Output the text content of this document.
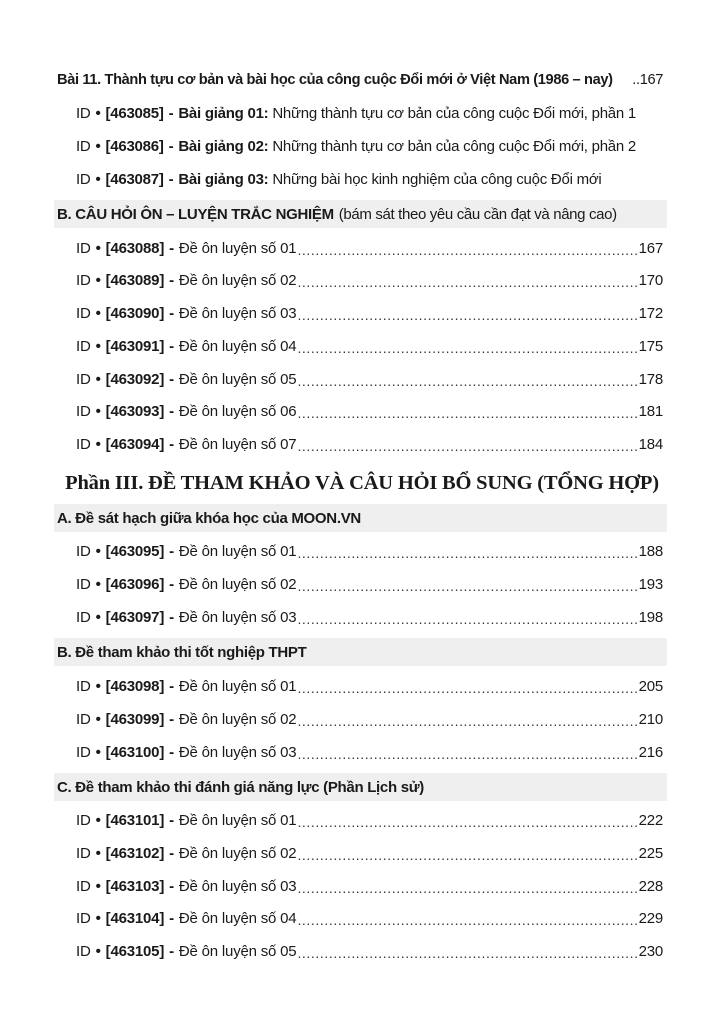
Bài 11. Thành tựu cơ bản và bài học của công cuộc Đổi mới ở Việt Nam (1986 – nay) ..167
ID • [463085] - Bài giảng 01:
Những thành tựu cơ bản của công cuộc Đổi mới, phần 1
ID • [463086] - Bài giảng 02:
Những thành tựu cơ bản của công cuộc Đổi mới, phần 2
ID • [463087] - Bài giảng 03:
Những bài học kinh nghiệm của công cuộc Đổi mới
B. CÂU HỎI ÔN – LUYỆN TRẮC NGHIỆM (bám sát theo yêu cầu cần đạt và nâng cao)
ID • [463088] - Đề ôn luyện số 01 .....	167
ID • [463089] - Đề ôn luyện số 02 .....	170
ID • [463090] - Đề ôn luyện số 03 .....	172
ID • [463091] - Đề ôn luyện số 04 .....	175
ID • [463092] - Đề ôn luyện số 05 .....	178
ID • [463093] - Đề ôn luyện số 06 .....	181
ID • [463094] - Đề ôn luyện số 07 .....	184
Phần III. ĐỀ THAM KHẢO VÀ CÂU HỎI BỔ SUNG (TỔNG HỢP)
A. Đề sát hạch giữa khóa học của MOON.VN
ID • [463095] - Đề ôn luyện số 01 .....	188
ID • [463096] - Đề ôn luyện số 02 .....	193
ID • [463097] - Đề ôn luyện số 03 .....	198
B. Đề tham khảo thi tốt nghiệp THPT
ID • [463098] - Đề ôn luyện số 01 .....	205
ID • [463099] - Đề ôn luyện số 02 .....	210
ID • [463100] - Đề ôn luyện số 03 .....	216
C. Đề tham khảo thi đánh giá năng lực (Phần Lịch sử)
ID • [463101] - Đề ôn luyện số 01 .....	222
ID • [463102] - Đề ôn luyện số 02 .....	225
ID • [463103] - Đề ôn luyện số 03 .....	228
ID • [463104] - Đề ôn luyện số 04 .....	229
ID • [463105] - Đề ôn luyện số 05 .....	230
